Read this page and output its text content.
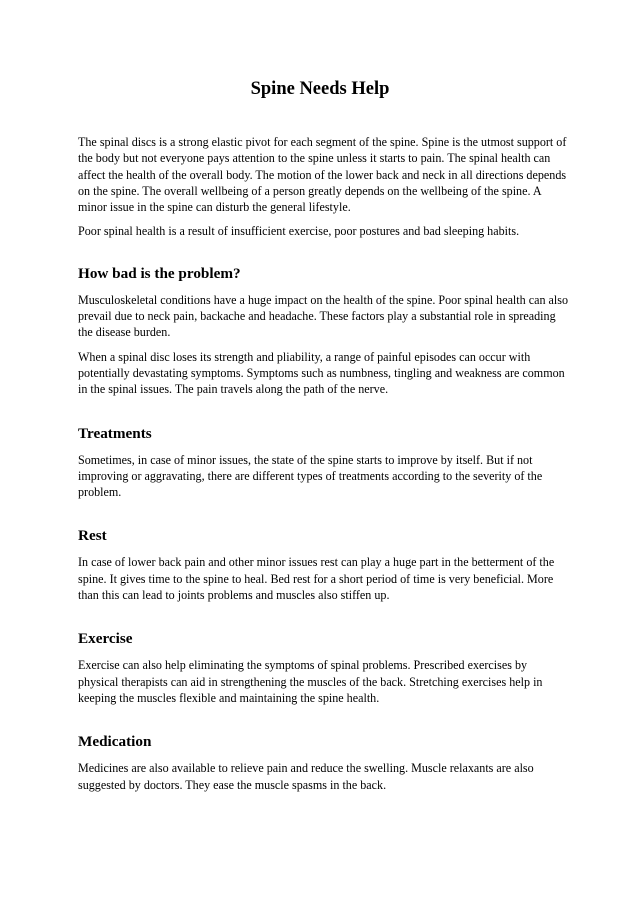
Spine Needs Help

The spinal discs is a strong elastic pivot for each segment of the spine. Spine is the utmost support of the body but not everyone pays attention to the spine unless it starts to pain. The spinal health can affect the health of the overall body. The motion of the lower back and neck in all directions depends on the spine. The overall wellbeing of a person greatly depends on the wellbeing of the spine. A minor issue in the spine can disturb the general lifestyle.

Poor spinal health is a result of insufficient exercise, poor postures and bad sleeping habits.

How bad is the problem?

Musculoskeletal conditions have a huge impact on the health of the spine. Poor spinal health can also prevail due to neck pain, backache and headache. These factors play a substantial role in spreading the disease burden.

When a spinal disc loses its strength and pliability, a range of painful episodes can occur with potentially devastating symptoms. Symptoms such as numbness, tingling and weakness are common in the spinal issues. The pain travels along the path of the nerve.

Treatments

Sometimes, in case of minor issues, the state of the spine starts to improve by itself. But if not improving or aggravating, there are different types of treatments according to the severity of the problem.

Rest

In case of lower back pain and other minor issues rest can play a huge part in the betterment of the spine. It gives time to the spine to heal. Bed rest for a short period of time is very beneficial. More than this can lead to joints problems and muscles also stiffen up.

Exercise

Exercise can also help eliminating the symptoms of spinal problems. Prescribed exercises by physical therapists can aid in strengthening the muscles of the back. Stretching exercises help in keeping the muscles flexible and maintaining the spine health.

Medication

Medicines are also available to relieve pain and reduce the swelling. Muscle relaxants are also suggested by doctors. They ease the muscle spasms in the back.
